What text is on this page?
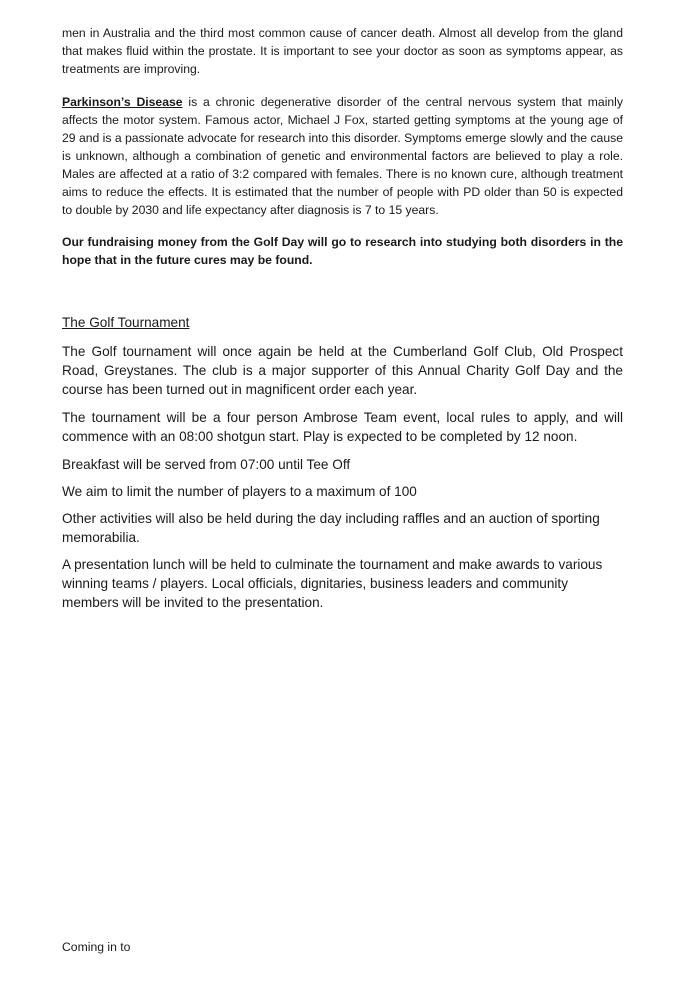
men in Australia and the third most common cause of cancer death. Almost all develop from the gland that makes fluid within the prostate. It is important to see your doctor as soon as symptoms appear, as treatments are improving.

Parkinson’s Disease is a chronic degenerative disorder of the central nervous system that mainly affects the motor system. Famous actor, Michael J Fox, started getting symptoms at the young age of 29 and is a passionate advocate for research into this disorder. Symptoms emerge slowly and the cause is unknown, although a combination of genetic and environmental factors are believed to play a role. Males are affected at a ratio of 3:2 compared with females. There is no known cure, although treatment aims to reduce the effects. It is estimated that the number of people with PD older than 50 is expected to double by 2030 and life expectancy after diagnosis is 7 to 15 years.

Our fundraising money from the Golf Day will go to research into studying both disorders in the hope that in the future cures may be found.

The Golf Tournament

The Golf tournament will once again be held at the Cumberland Golf Club, Old Prospect Road, Greystanes. The club is a major supporter of this Annual Charity Golf Day and the course has been turned out in magnificent order each year.

The tournament will be a four person Ambrose Team event, local rules to apply, and will commence with an 08:00 shotgun start. Play is expected to be completed by 12 noon.

Breakfast will be served from 07:00 until Tee Off

We aim to limit the number of players to a maximum of 100

Other activities will also be held during the day including raffles and an auction of sporting memorabilia.

A presentation lunch will be held to culminate the tournament and make awards to various winning teams / players. Local officials, dignitaries, business leaders and community members will be invited to the presentation.

Coming in to
